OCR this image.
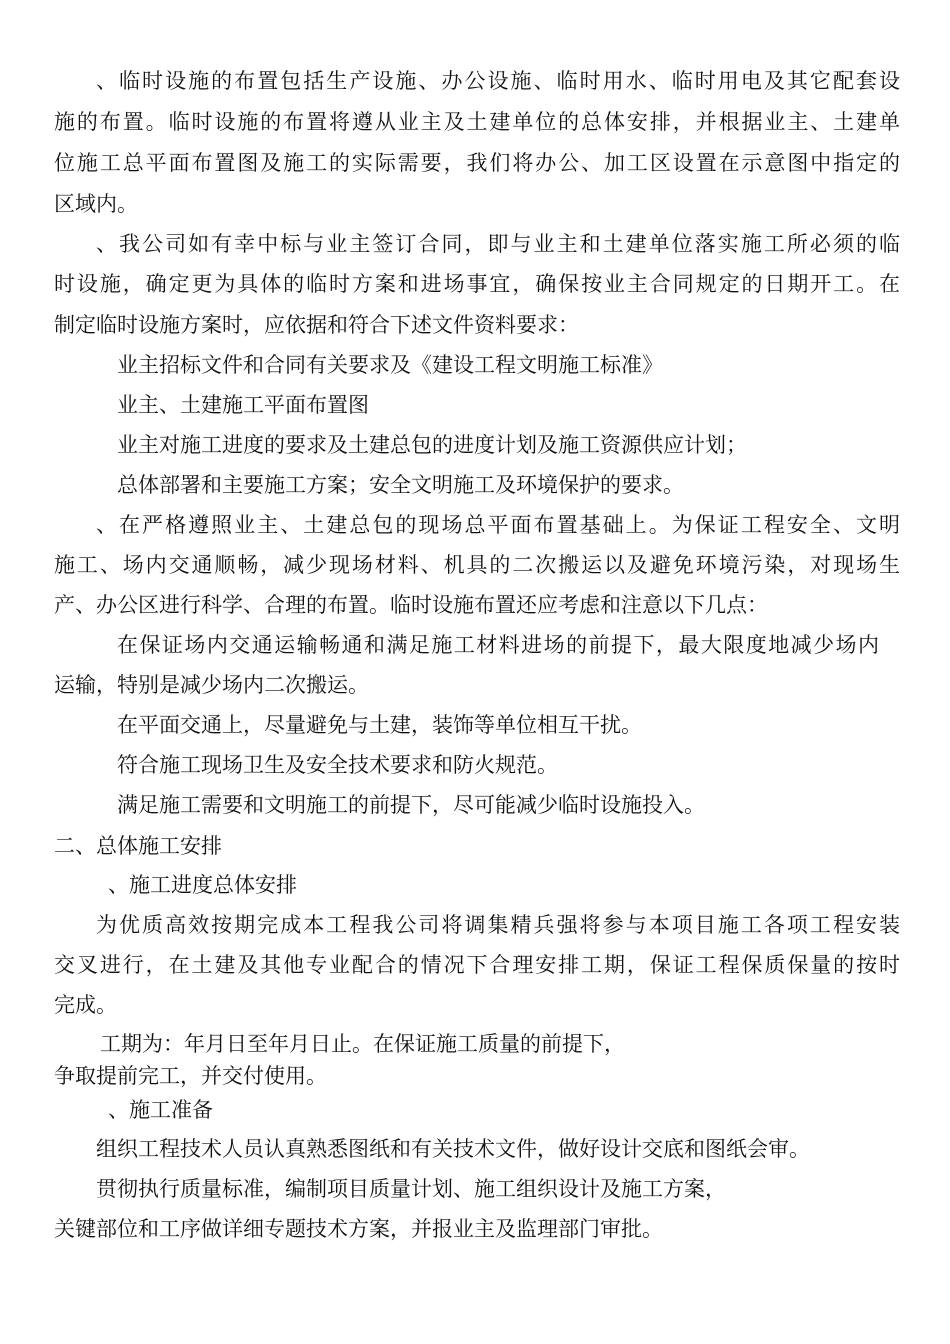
、临时设施的布置包括生产设施、办公设施、临时用水、临时用电及其它配套设
施的布置。临时设施的布置将遵从业主及土建单位的总体安排，并根据业主、土建单
位施工总平面布置图及施工的实际需要，我们将办公、加工区设置在示意图中指定的
区域内。
、我公司如有幸中标与业主签订合同，即与业主和土建单位落实施工所必须的临
时设施，确定更为具体的临时方案和进场事宜，确保按业主合同规定的日期开工。在
制定临时设施方案时，应依据和符合下述文件资料要求：
业主招标文件和合同有关要求及《建设工程文明施工标准》
业主、土建施工平面布置图
业主对施工进度的要求及土建总包的进度计划及施工资源供应计划；
总体部署和主要施工方案；安全文明施工及环境保护的要求。
、在严格遵照业主、土建总包的现场总平面布置基础上。为保证工程安全、文明
施工、场内交通顺畅，减少现场材料、机具的二次搬运以及避免环境污染，对现场生
产、办公区进行科学、合理的布置。临时设施布置还应考虑和注意以下几点：
在保证场内交通运输畅通和满足施工材料进场的前提下，最大限度地减少场内
运输，特别是减少场内二次搬运。
在平面交通上，尽量避免与土建，装饰等单位相互干扰。
符合施工现场卫生及安全技术要求和防火规范。
满足施工需要和文明施工的前提下，尽可能减少临时设施投入。
二、总体施工安排
、施工进度总体安排
为优质高效按期完成本工程我公司将调集精兵强将参与本项目施工各项工程安装
交叉进行，在土建及其他专业配合的情况下合理安排工期，保证工程保质保量的按时
完成。
工期为：年月日至年月日止。在保证施工质量的前提下，
争取提前完工，并交付使用。
、施工准备
组织工程技术人员认真熟悉图纸和有关技术文件，做好设计交底和图纸会审。
贯彻执行质量标准，编制项目质量计划、施工组织设计及施工方案，
关键部位和工序做详细专题技术方案，并报业主及监理部门审批。
